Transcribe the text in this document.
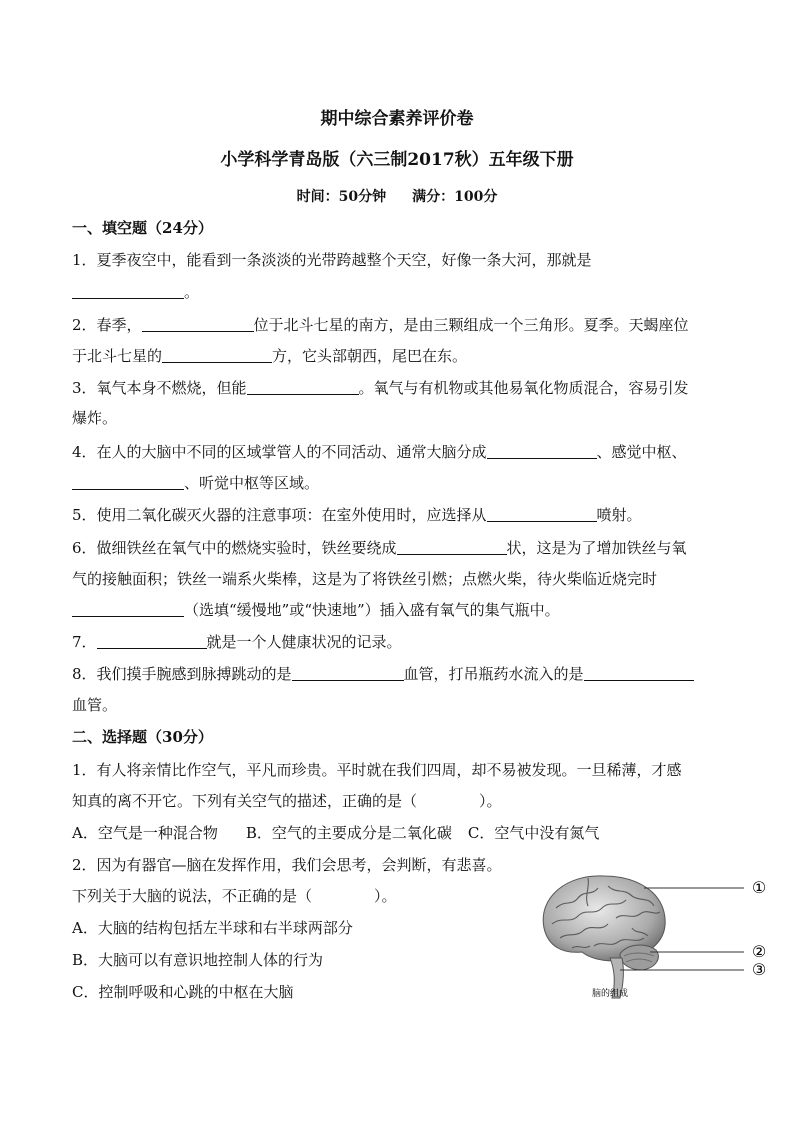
期中综合素养评价卷
小学科学青岛版（六三制2017秋）五年级下册
时间：50分钟 满分：100分
一、填空题（24分）
1．夏季夜空中，能看到一条淡淡的光带跨越整个天空，好像一条大河，那就是
。
2．春季，	位于北斗七星的南方，是由三颗组成一个三角形。夏季。天蝎座位
于北斗七星的	方，它头部朝西，尾巴在东。
3．氧气本身不燃烧，但能	。氧气与有机物或其他易氧化物质混合，容易引发
爆炸。
4．在人的大脑中不同的区域掌管人的不同活动、通常大脑分成	、感觉中枢、
、听觉中枢等区域。
5．使用二氧化碳灭火器的注意事项：在室外使用时，应选择从	喷射。
6．做细铁丝在氧气中的燃烧实验时，铁丝要绕成	状，这是为了增加铁丝与氧
气的接触面积；铁丝一端系火柴棒，这是为了将铁丝引燃；点燃火柴，待火柴临近烧完时
（选填“缓慢地”或“快速地”）插入盛有氧气的集气瓶中。
7．	就是一个人健康状况的记录。
8．我们摸手腕感到脉搏跳动的是	血管，打吊瓶药水流入的是
血管。
二、选择题（30分）
1．有人将亲情比作空气，平凡而珍贵。平时就在我们四周，却不易被发现。一旦稀薄，才感
知真的离不开它。下列有关空气的描述，正确的是（	）。
A．空气是一种混合物 B．空气的主要成分是二氧化碳 C．空气中没有氮气
2．因为有器官—脑在发挥作用，我们会思考，会判断，有悲喜。
下列关于大脑的说法，不正确的是（	）。
A．大脑的结构包括左半球和右半球两部分
B．大脑可以有意识地控制人体的行为
C．控制呼吸和心跳的中枢在大脑
①
②
③
脑的组成
